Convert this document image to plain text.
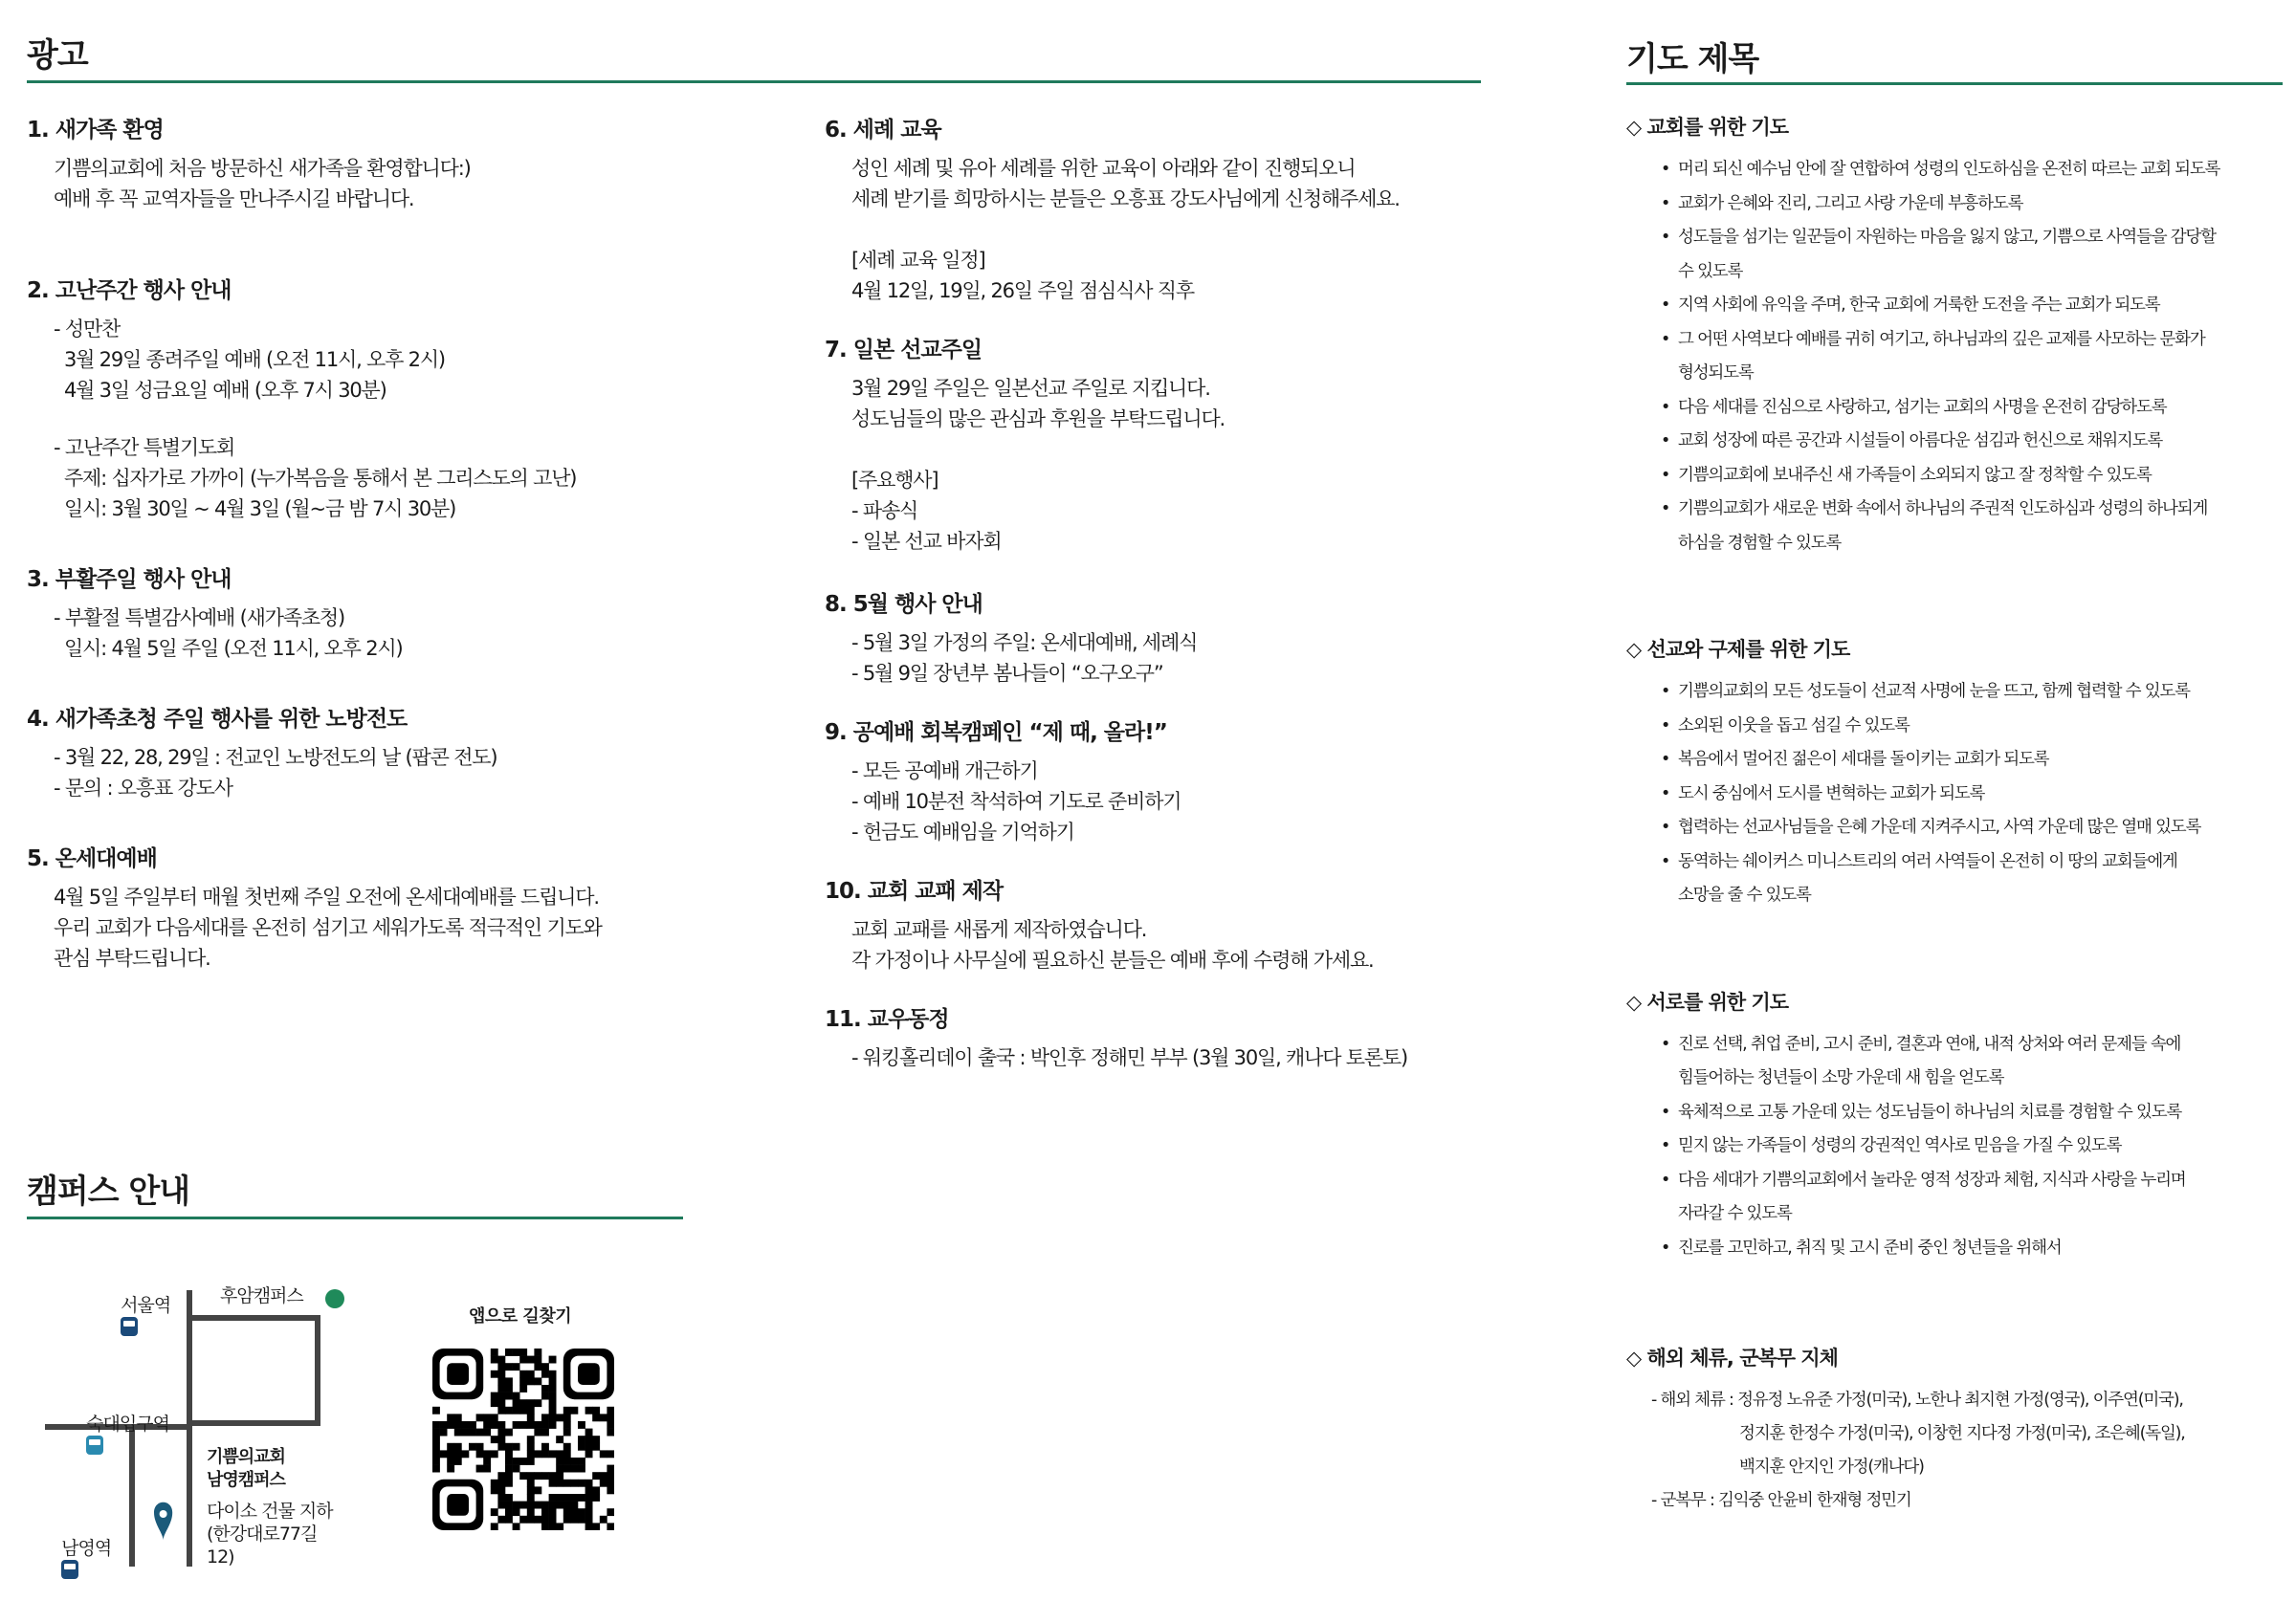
광고
1. 새가족 환영
기쁨의교회에 처음 방문하신 새가족을 환영합니다:)
예배 후 꼭 교역자들을 만나주시길 바랍니다.
2. 고난주간 행사 안내
- 성만찬
3월 29일 종려주일 예배 (오전 11시, 오후 2시)
4월 3일 성금요일 예배 (오후 7시 30분)
- 고난주간 특별기도회
주제: 십자가로 가까이 (누가복음을 통해서 본 그리스도의 고난)
일시: 3월 30일 ~ 4월 3일 (월~금 밤 7시 30분)
3. 부활주일 행사 안내
- 부활절 특별감사예배 (새가족초청)
일시: 4월 5일 주일 (오전 11시, 오후 2시)
4. 새가족초청 주일 행사를 위한 노방전도
- 3월 22, 28, 29일 : 전교인 노방전도의 날 (팝콘 전도)
- 문의 : 오흥표 강도사
5. 온세대예배
4월 5일 주일부터 매월 첫번째 주일 오전에 온세대예배를 드립니다.
우리 교회가 다음세대를 온전히 섬기고 세워가도록 적극적인 기도와
관심 부탁드립니다.
6. 세례 교육
성인 세례 및 유아 세례를 위한 교육이 아래와 같이 진행되오니
세례 받기를 희망하시는 분들은 오흥표 강도사님에게 신청해주세요.
[세례 교육 일정]
4월 12일, 19일, 26일 주일 점심식사 직후
7. 일본 선교주일
3월 29일 주일은 일본선교 주일로 지킵니다.
성도님들의 많은 관심과 후원을 부탁드립니다.
[주요행사]
- 파송식
- 일본 선교 바자회
8. 5월 행사 안내
- 5월 3일 가정의 주일: 온세대예배, 세례식
- 5월 9일 장년부 봄나들이 “오구오구”
9. 공예배 회복캠페인 “제 때, 올라!”
- 모든 공예배 개근하기
- 예배 10분전 착석하여 기도로 준비하기
- 헌금도 예배임을 기억하기
10. 교회 교패 제작
교회 교패를 새롭게 제작하였습니다.
각 가정이나 사무실에 필요하신 분들은 예배 후에 수령해 가세요.
11. 교우동정
- 워킹홀리데이 출국 : 박인후 정해민 부부 (3월 30일, 캐나다 토론토)
캠퍼스 안내

서울역

	후암캠퍼스

숙대입구역

남영역

기쁨의교회
남영캠퍼스
다이소 건물 지하
(한강대로77길
12)
앱으로 길찾기
기도 제목
◇ 교회를 위한 기도
• 머리 되신 예수님 안에 잘 연합하여 성령의 인도하심을 온전히 따르는 교회 되도록
• 교회가 은혜와 진리, 그리고 사랑 가운데 부흥하도록
• 성도들을 섬기는 일꾼들이 자원하는 마음을 잃지 않고, 기쁨으로 사역들을 감당할
수 있도록
• 지역 사회에 유익을 주며, 한국 교회에 거룩한 도전을 주는 교회가 되도록
• 그 어떤 사역보다 예배를 귀히 여기고, 하나님과의 깊은 교제를 사모하는 문화가
형성되도록
• 다음 세대를 진심으로 사랑하고, 섬기는 교회의 사명을 온전히 감당하도록
• 교회 성장에 따른 공간과 시설들이 아름다운 섬김과 헌신으로 채워지도록
• 기쁨의교회에 보내주신 새 가족들이 소외되지 않고 잘 정착할 수 있도록
• 기쁨의교회가 새로운 변화 속에서 하나님의 주권적 인도하심과 성령의 하나되게
하심을 경험할 수 있도록
◇ 선교와 구제를 위한 기도
• 기쁨의교회의 모든 성도들이 선교적 사명에 눈을 뜨고, 함께 협력할 수 있도록
• 소외된 이웃을 돕고 섬길 수 있도록
• 복음에서 멀어진 젊은이 세대를 돌이키는 교회가 되도록
• 도시 중심에서 도시를 변혁하는 교회가 되도록
• 협력하는 선교사님들을 은혜 가운데 지켜주시고, 사역 가운데 많은 열매 있도록
• 동역하는 쉐이커스 미니스트리의 여러 사역들이 온전히 이 땅의 교회들에게
소망을 줄 수 있도록
◇ 서로를 위한 기도
• 진로 선택, 취업 준비, 고시 준비, 결혼과 연애, 내적 상처와 여러 문제들 속에
힘들어하는 청년들이 소망 가운데 새 힘을 얻도록
• 육체적으로 고통 가운데 있는 성도님들이 하나님의 치료를 경험할 수 있도록
• 믿지 않는 가족들이 성령의 강권적인 역사로 믿음을 가질 수 있도록
• 다음 세대가 기쁨의교회에서 놀라운 영적 성장과 체험, 지식과 사랑을 누리며
자라갈 수 있도록
• 진로를 고민하고, 취직 및 고시 준비 중인 청년들을 위해서
◇ 해외 체류, 군복무 지체
- 해외 체류 : 정유정 노유준 가정(미국), 노한나 최지현 가정(영국), 이주연(미국),
정지훈 한정수 가정(미국), 이창헌 지다정 가정(미국), 조은혜(독일),
백지훈 안지인 가정(캐나다)
- 군복무 : 김익중 안윤비 한재형 정민기
